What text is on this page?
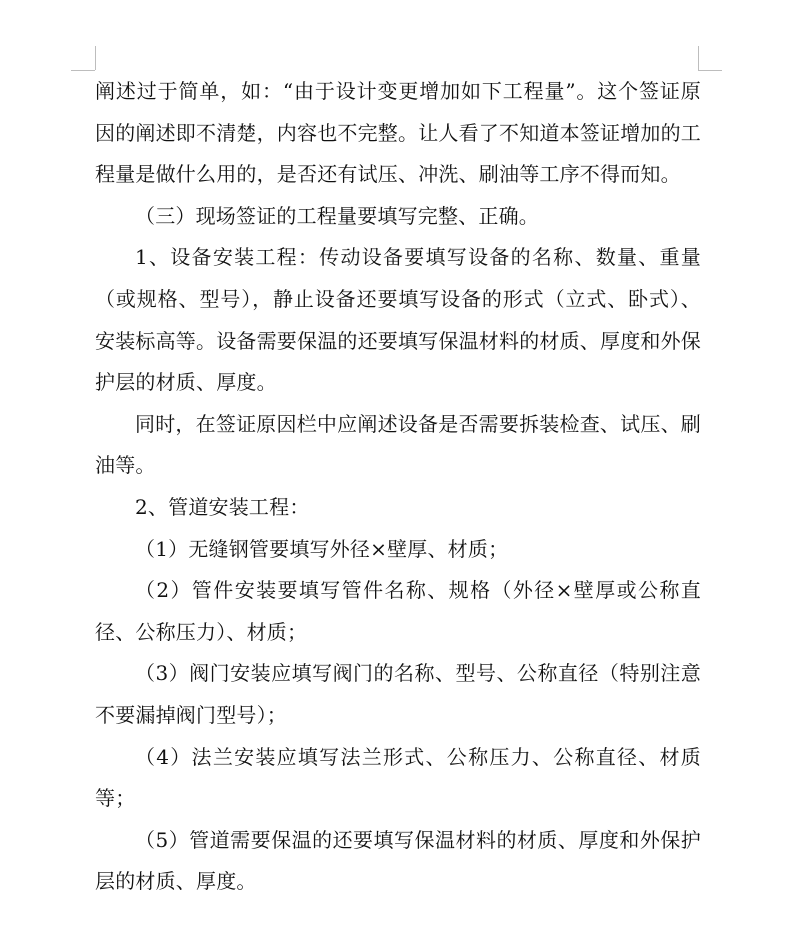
阐述过于简单，如：“由于设计变更增加如下工程量”。这个签证原因的阐述即不清楚，内容也不完整。让人看了不知道本签证增加的工程量是做什么用的，是否还有试压、冲洗、刷油等工序不得而知。

（三）现场签证的工程量要填写完整、正确。

1、设备安装工程：传动设备要填写设备的名称、数量、重量（或规格、型号），静止设备还要填写设备的形式（立式、卧式）、安装标高等。设备需要保温的还要填写保温材料的材质、厚度和外保护层的材质、厚度。

同时，在签证原因栏中应阐述设备是否需要拆装检查、试压、刷油等。

2、管道安装工程：

（1）无缝钢管要填写外径×壁厚、材质；

（2）管件安装要填写管件名称、规格（外径×壁厚或公称直径、公称压力）、材质；

（3）阀门安装应填写阀门的名称、型号、公称直径（特别注意不要漏掉阀门型号）；

（4）法兰安装应填写法兰形式、公称压力、公称直径、材质等；

（5）管道需要保温的还要填写保温材料的材质、厚度和外保护层的材质、厚度。
